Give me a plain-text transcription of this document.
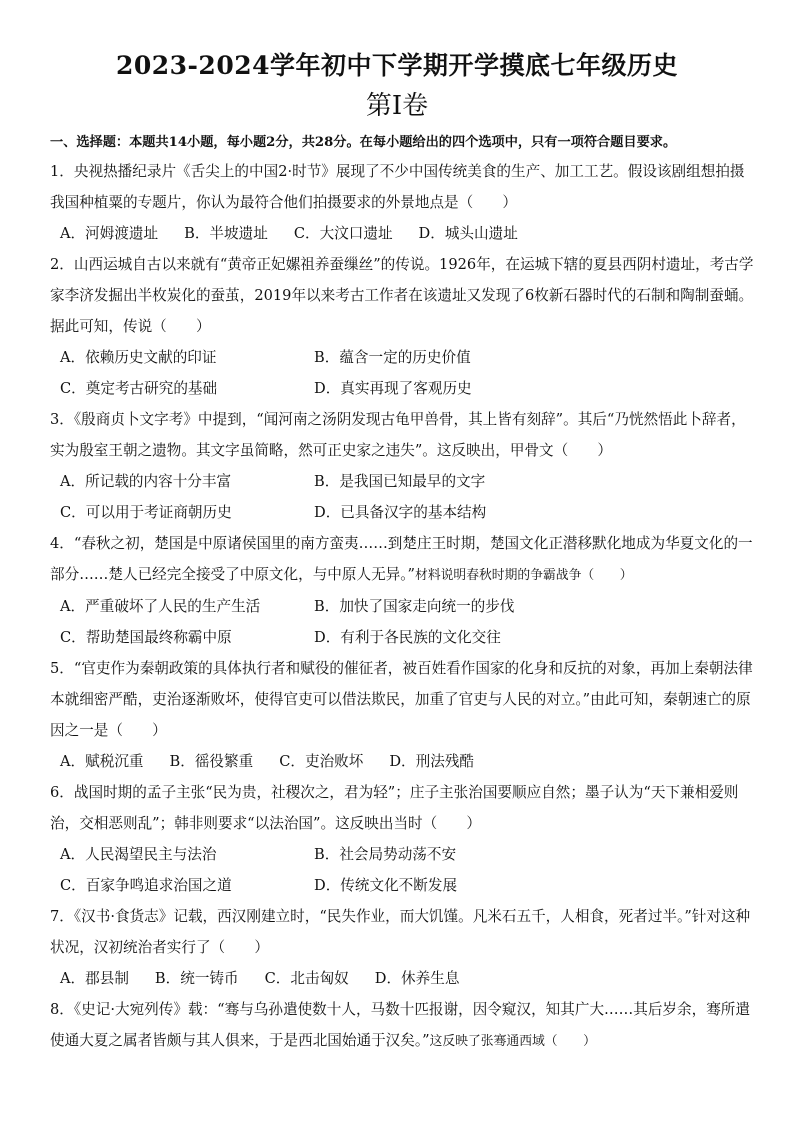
2023-2024学年初中下学期开学摸底七年级历史
第Ⅰ卷
一、选择题：本题共14小题，每小题2分，共28分。在每小题给出的四个选项中，只有一项符合题目要求。
1．央视热播纪录片《舌尖上的中国2·时节》展现了不少中国传统美食的生产、加工工艺。假设该剧组想拍摄我国种植粟的专题片，你认为最符合他们拍摄要求的外景地点是（　　）
A．河姆渡遗址 B．半坡遗址 C．大汶口遗址 D．城头山遗址
2．山西运城自古以来就有“黄帝正妃嫘祖养蚕缫丝”的传说。1926年，在运城下辖的夏县西阴村遗址，考古学家李济发掘出半枚炭化的蚕茧，2019年以来考古工作者在该遗址又发现了6枚新石器时代的石制和陶制蚕蛹。据此可知，传说（　　）
A．依赖历史文献的印证	B．蕴含一定的历史价值
C．奠定考古研究的基础	D．真实再现了客观历史
3．《殷商贞卜文字考》中提到，“闻河南之汤阴发现古龟甲兽骨，其上皆有刻辞”。其后“乃恍然悟此卜辞者，实为殷室王朝之遗物。其文字虽简略，然可正史家之违失”。这反映出，甲骨文（　　）
A．所记载的内容十分丰富	B．是我国已知最早的文字
C．可以用于考证商朝历史	D．已具备汉字的基本结构
4．“春秋之初，楚国是中原诸侯国里的南方蛮夷……到楚庄王时期，楚国文化正潜移默化地成为华夏文化的一部分……楚人已经完全接受了中原文化，与中原人无异。”材料说明春秋时期的争霸战争（　　）
A．严重破坏了人民的生产生活	B．加快了国家走向统一的步伐
C．帮助楚国最终称霸中原	D．有利于各民族的文化交往
5．“官吏作为秦朝政策的具体执行者和赋役的催征者，被百姓看作国家的化身和反抗的对象，再加上秦朝法律本就细密严酷，吏治逐渐败坏，使得官吏可以借法欺民，加重了官吏与人民的对立。”由此可知，秦朝速亡的原因之一是（　　）
A．赋税沉重 B．徭役繁重 C．吏治败坏 D．刑法残酷
6．战国时期的孟子主张“民为贵，社稷次之，君为轻”；庄子主张治国要顺应自然；墨子认为“天下兼相爱则治，交相恶则乱”；韩非则要求“以法治国”。这反映出当时（　　）
A．人民渴望民主与法治	B．社会局势动荡不安
C．百家争鸣追求治国之道	D．传统文化不断发展
7．《汉书·食货志》记载，西汉刚建立时，“民失作业，而大饥馑。凡米石五千，人相食，死者过半。”针对这种状况，汉初统治者实行了（　　）
A．郡县制 B．统一铸币 C．北击匈奴 D．休养生息
8．《史记·大宛列传》载：“骞与乌孙遣使数十人，马数十匹报谢，因令窥汉，知其广大……其后岁余，骞所遣使通大夏之属者皆颇与其人俱来，于是西北国始通于汉矣。”这反映了张骞通西域（　　）
